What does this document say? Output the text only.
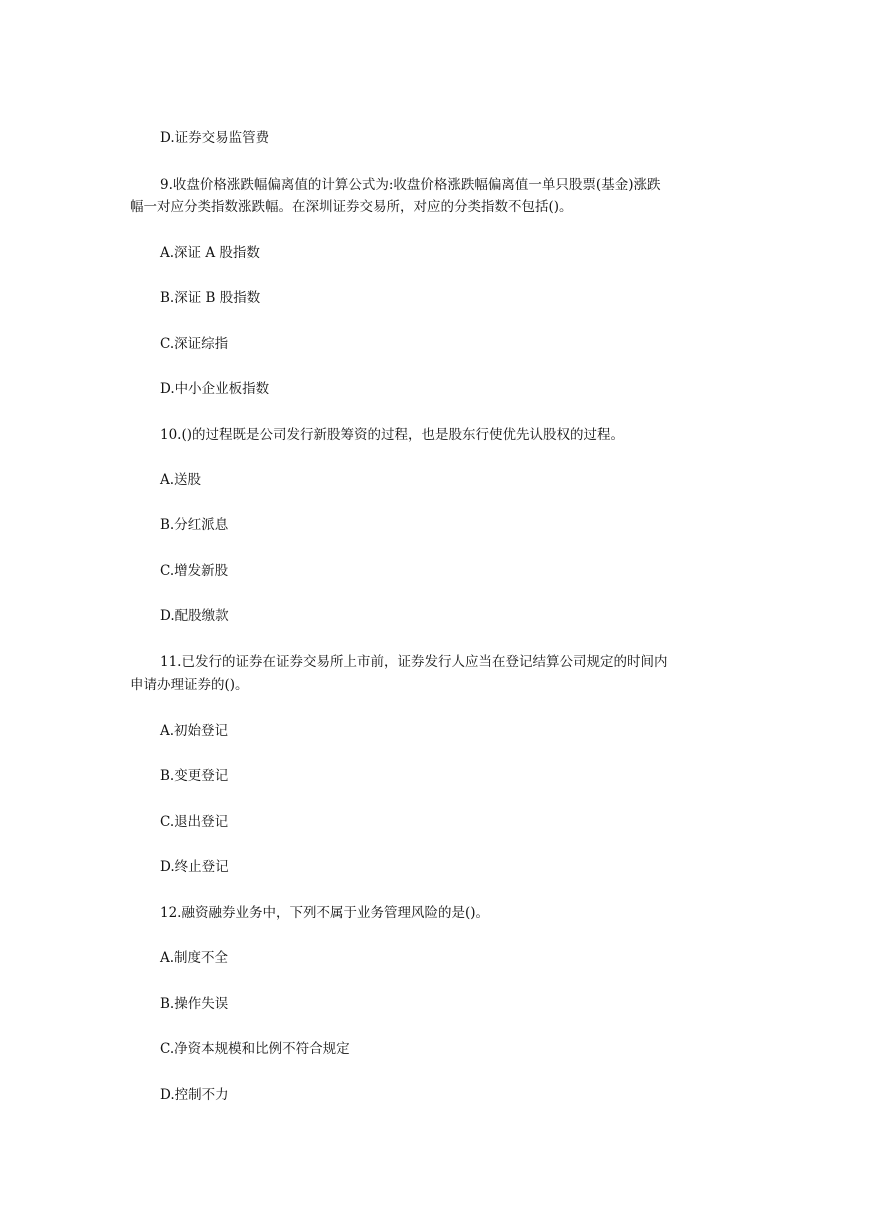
D.证券交易监管费
9.收盘价格涨跌幅偏离值的计算公式为:收盘价格涨跌幅偏离值一单只股票(基金)涨跌
幅一对应分类指数涨跌幅。在深圳证券交易所，对应的分类指数不包括()。
A.深证 A 股指数
B.深证 B 股指数
C.深证综指
D.中小企业板指数
10.()的过程既是公司发行新股筹资的过程，也是股东行使优先认股权的过程。
A.送股
B.分红派息
C.增发新股
D.配股缴款
11.已发行的证券在证券交易所上市前，证券发行人应当在登记结算公司规定的时间内
申请办理证券的()。
A.初始登记
B.变更登记
C.退出登记
D.终止登记
12.融资融券业务中，下列不属于业务管理风险的是()。
A.制度不全
B.操作失误
C.净资本规模和比例不符合规定
D.控制不力
